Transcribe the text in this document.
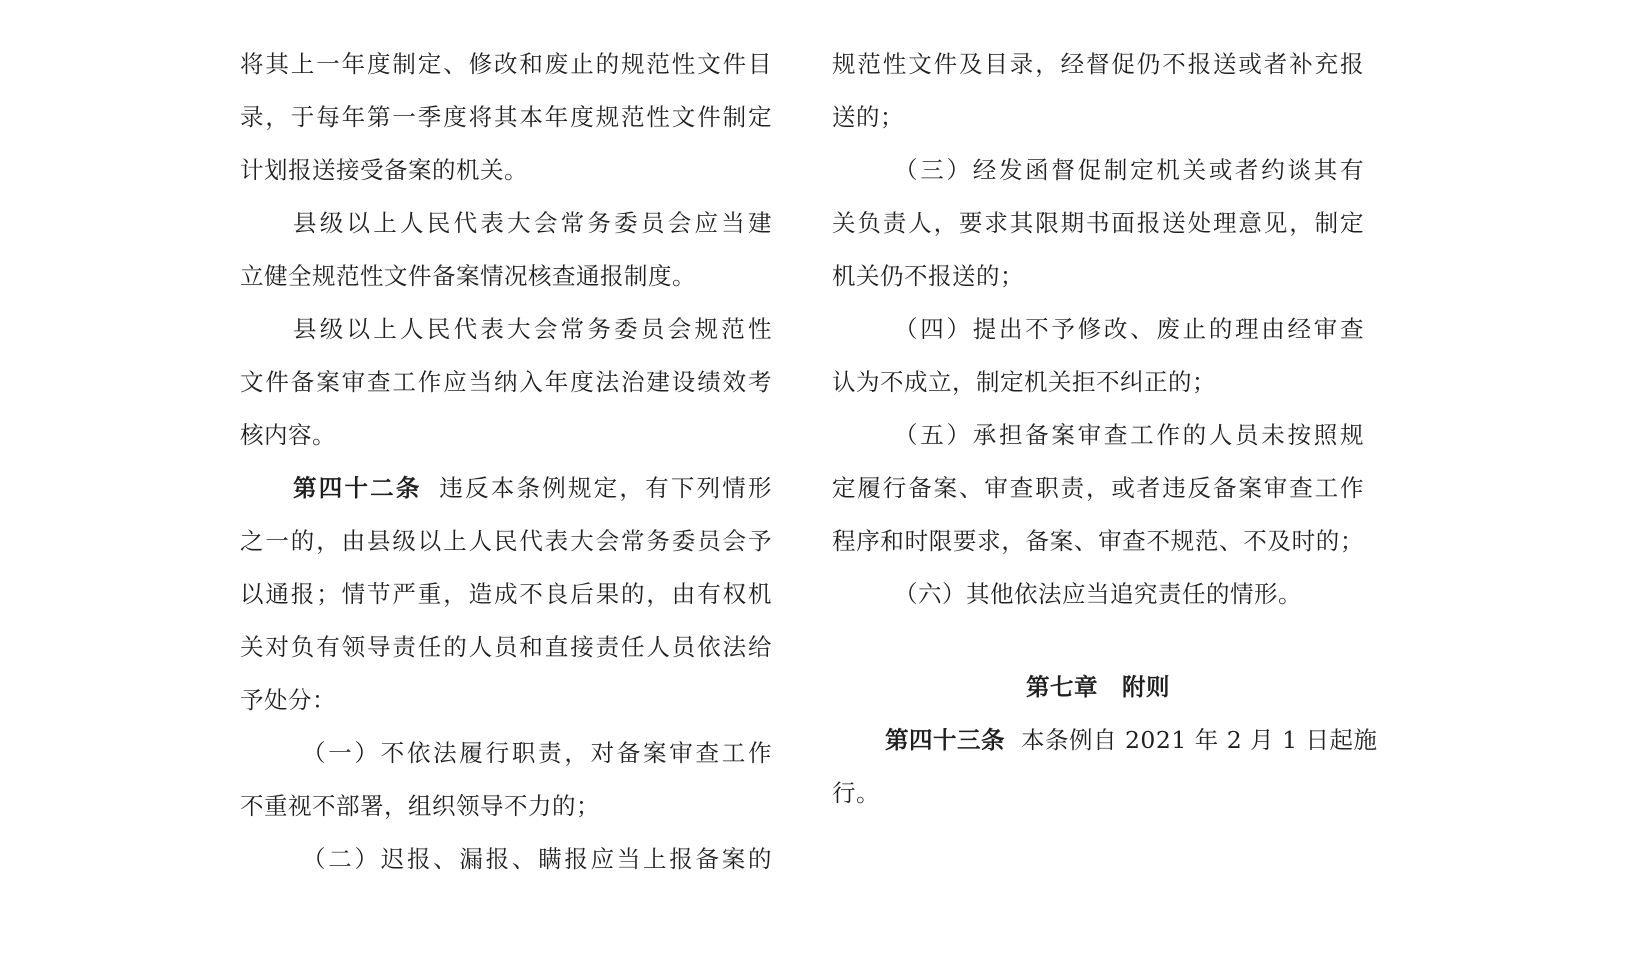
将其上一年度制定、修改和废止的规范性文件目
录，于每年第一季度将其本年度规范性文件制定
计划报送接受备案的机关。
县级以上人民代表大会常务委员会应当建
立健全规范性文件备案情况核查通报制度。
县级以上人民代表大会常务委员会规范性
文件备案审查工作应当纳入年度法治建设绩效考
核内容。
第四十二条 违反本条例规定，有下列情形
之一的，由县级以上人民代表大会常务委员会予
以通报；情节严重，造成不良后果的，由有权机
关对负有领导责任的人员和直接责任人员依法给
予处分：
（一）不依法履行职责，对备案审查工作
不重视不部署，组织领导不力的；
（二）迟报、漏报、瞒报应当上报备案的
规范性文件及目录，经督促仍不报送或者补充报
送的；
（三）经发函督促制定机关或者约谈其有
关负责人，要求其限期书面报送处理意见，制定
机关仍不报送的；
（四）提出不予修改、废止的理由经审查
认为不成立，制定机关拒不纠正的；
（五）承担备案审查工作的人员未按照规
定履行备案、审查职责，或者违反备案审查工作
程序和时限要求，备案、审查不规范、不及时的；
（六）其他依法应当追究责任的情形。
第七章　附则
第四十三条 本条例自 2021 年 2 月 1 日起施
行。
